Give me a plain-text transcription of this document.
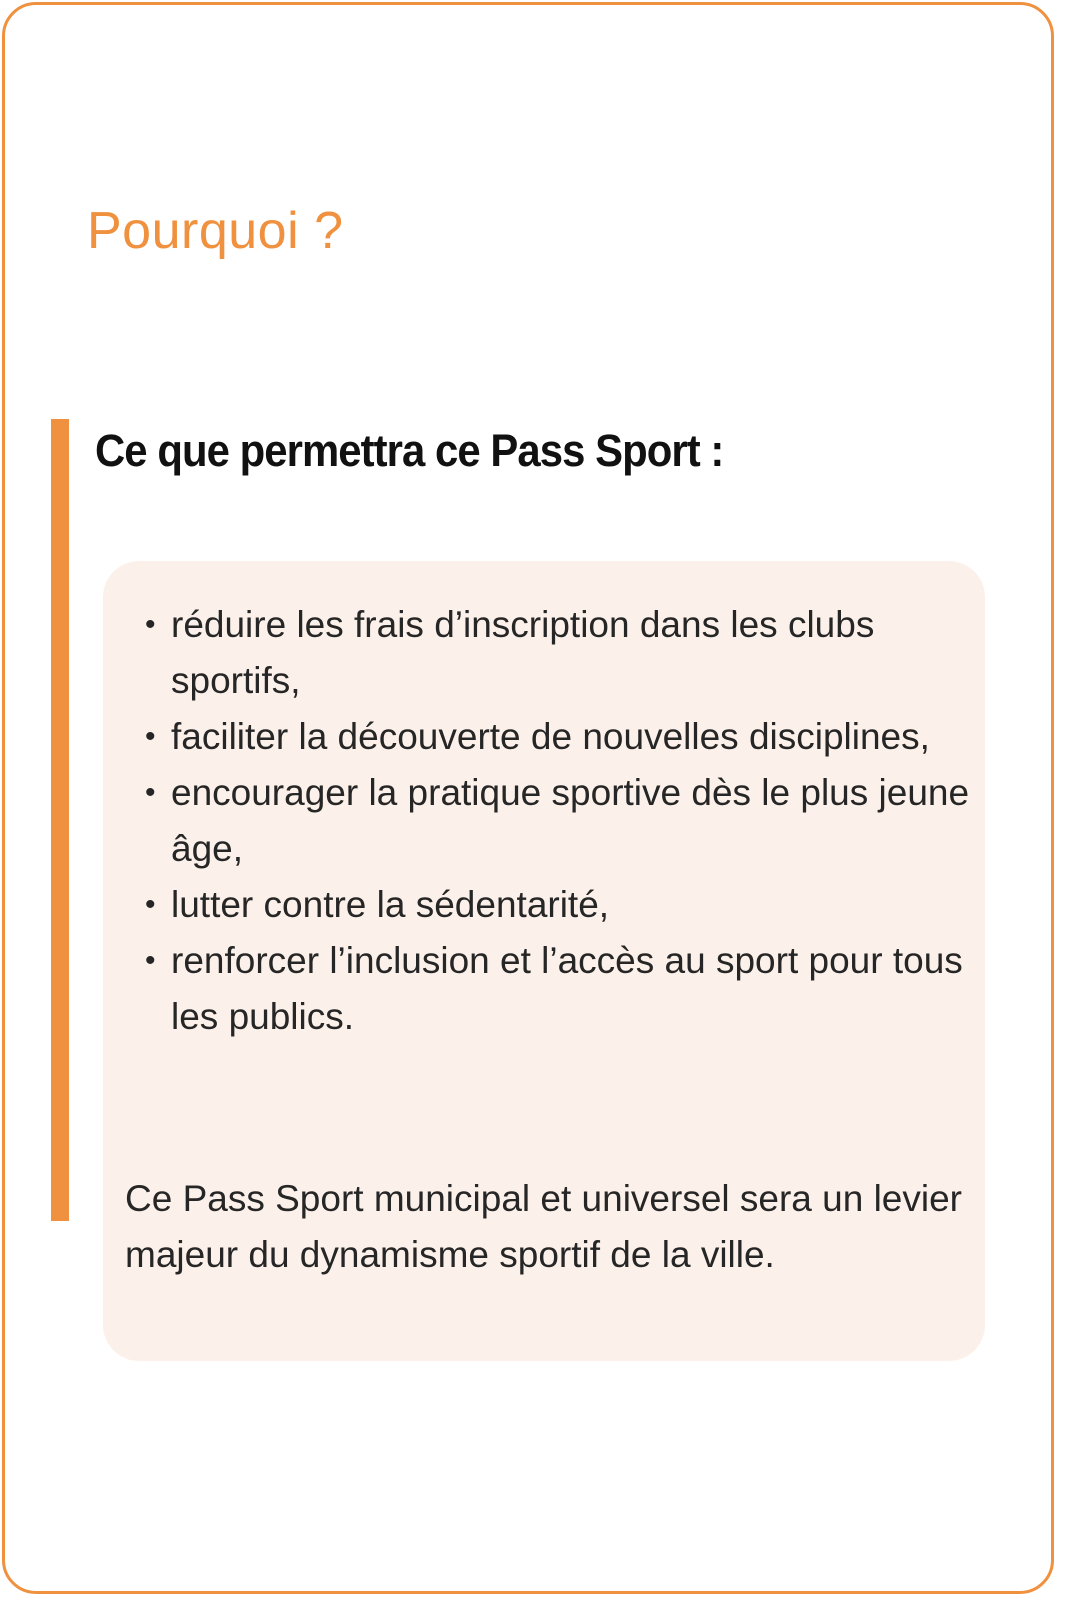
Pourquoi ?
Ce que permettra ce Pass Sport :
• réduire les frais d’inscription dans les clubs sportifs,
• faciliter la découverte de nouvelles disciplines,
• encourager la pratique sportive dès le plus jeune âge,
• lutter contre la sédentarité,
• renforcer l’inclusion et l’accès au sport pour tous les publics.

Ce Pass Sport municipal et universel sera un levier majeur du dynamisme sportif de la ville.
